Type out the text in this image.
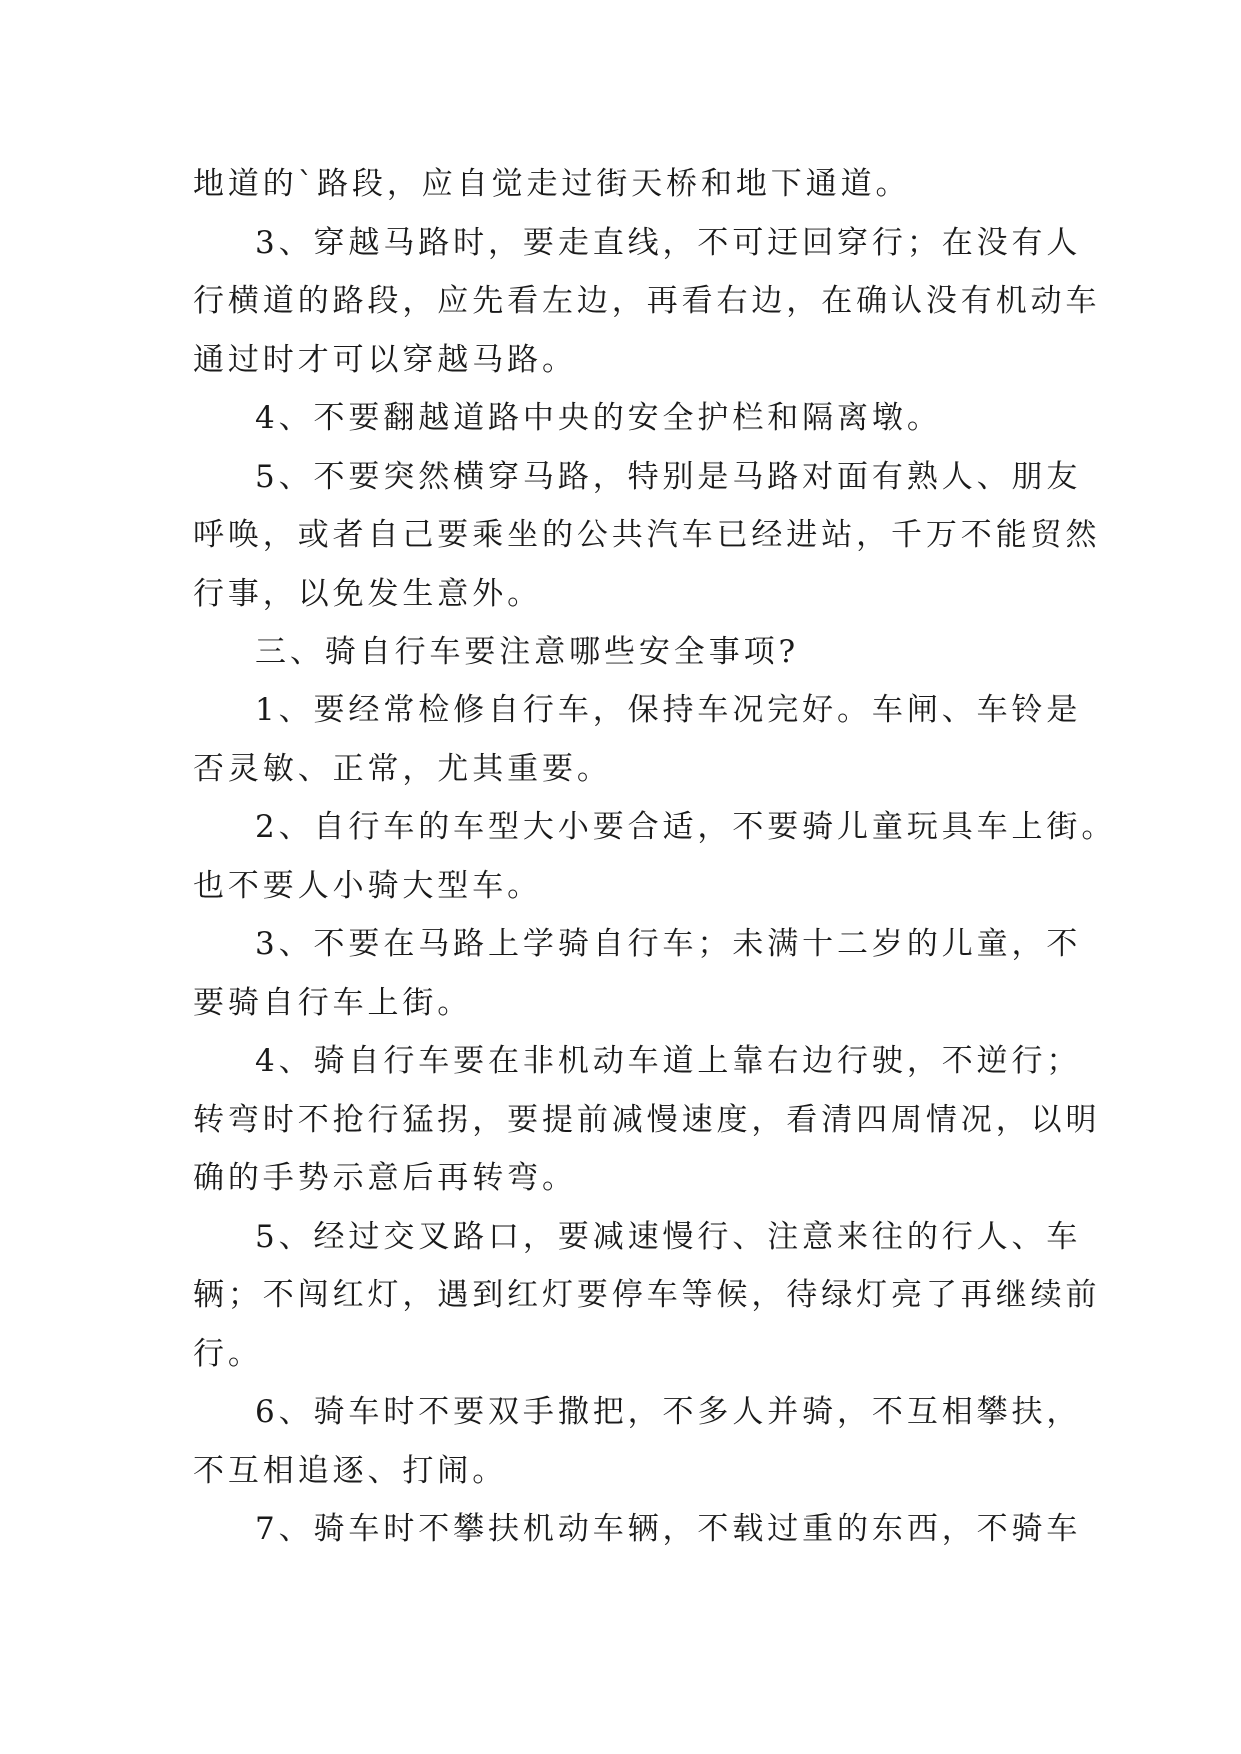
地道的`路段，应自觉走过街天桥和地下通道。
3、穿越马路时，要走直线，不可迂回穿行；在没有人
行横道的路段，应先看左边，再看右边，在确认没有机动车
通过时才可以穿越马路。
4、不要翻越道路中央的安全护栏和隔离墩。
5、不要突然横穿马路，特别是马路对面有熟人、朋友
呼唤，或者自己要乘坐的公共汽车已经进站，千万不能贸然
行事，以免发生意外。
三、骑自行车要注意哪些安全事项?
1、要经常检修自行车，保持车况完好。车闸、车铃是
否灵敏、正常，尤其重要。
2、自行车的车型大小要合适，不要骑儿童玩具车上街。
也不要人小骑大型车。
3、不要在马路上学骑自行车；未满十二岁的儿童，不
要骑自行车上街。
4、骑自行车要在非机动车道上靠右边行驶，不逆行；
转弯时不抢行猛拐，要提前减慢速度，看清四周情况，以明
确的手势示意后再转弯。
5、经过交叉路口，要减速慢行、注意来往的行人、车
辆；不闯红灯，遇到红灯要停车等候，待绿灯亮了再继续前
行。
6、骑车时不要双手撒把，不多人并骑，不互相攀扶，
不互相追逐、打闹。
7、骑车时不攀扶机动车辆，不载过重的东西，不骑车
